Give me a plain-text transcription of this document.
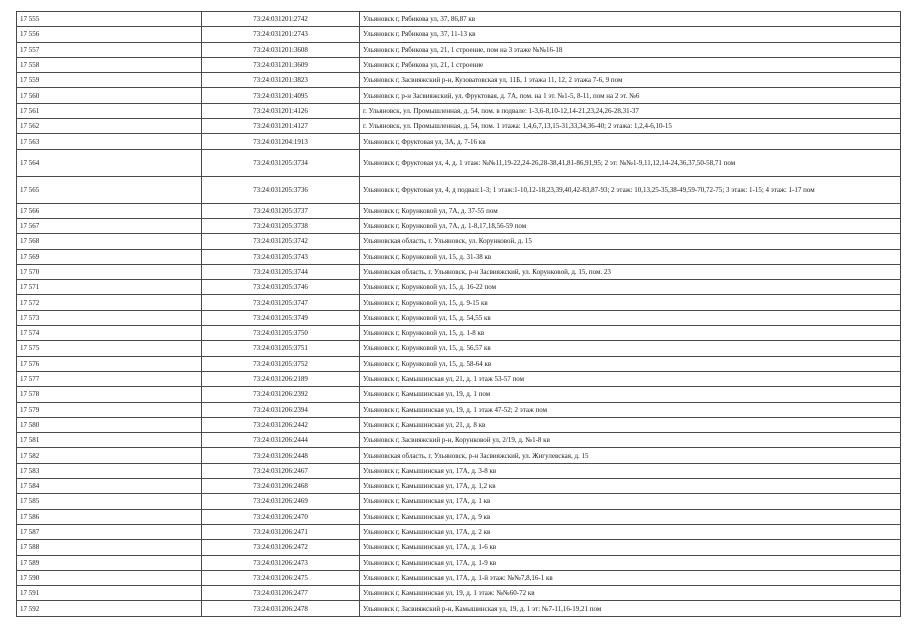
17 555	73:24:031201:2742	Ульяновск г, Рябикова ул, 37, 86,87 кв
17 556	73:24:031201:2743	Ульяновск г, Рябикова ул, 37, 11-13 кв
17 557	73:24:031201:3608	Ульяновск г, Рябикова ул, 21, 1 строение, пом на 3 этаже №№16-18
17 558	73:24:031201:3609	Ульяновск г, Рябикова ул, 21, 1 строение
17 559	73:24:031201:3823	Ульяновск г, Засвияжский р-н, Кузоватовская ул, 11Б, 1 этажа 11, 12, 2 этажа 7-6, 9 пом
17 560	73:24:031201:4095	Ульяновск г, р-н Засвияжский, ул. Фруктовая, д. 7А, пом. на 1 эт. №1-5, 8-11, пом на 2 эт. №6
17 561	73:24:031201:4126	г. Ульяновск, ул. Промышленная, д. 54, пом. в подвале: 1-3,6-8,10-12,14-21,23,24,26-28,31-37
17 562	73:24:031201:4127	г. Ульяновск, ул. Промышленная, д. 54, пом. 1 этажа: 1,4,6,7,13,15-31,33,34,36-40; 2 этажа: 1,2,4-6,10-15
17 563	73:24:031204:1913	Ульяновск г, Фруктовая ул, 3А, д. 7-16 кв
17 564	73:24:031205:3734	Ульяновск г, Фруктовая ул, 4, д. 1 этаж: №№11,19-22,24-26,28-38,41,81-86,91,95; 2 эт: №№1-9,11,12,14-24,36,37,50-58,71 пом
17 565	73:24:031205:3736	Ульяновск г, Фруктовая ул, 4, д подвал:1-3; 1 этаж:1-10,12-18,23,39,40,42-83,87-93; 2 этаж: 10,13,25-35,38-49,59-70,72-75; 3 этаж: 1-15; 4 этаж: 1-17 пом
17 566	73:24:031205:3737	Ульяновск г, Корунковой ул, 7А, д. 37-55 пом
17 567	73:24:031205:3738	Ульяновск г, Корунковой ул, 7А, д. 1-8,17,18,56-59 пом
17 568	73:24:031205:3742	Ульяновская область, г. Ульяновск, ул. Корунковой, д. 15
17 569	73:24:031205:3743	Ульяновск г, Корунковой ул, 15, д. 31-38 кв
17 570	73:24:031205:3744	Ульяновская область, г. Ульяновск, р-н Засвияжский, ул. Корунковой, д. 15, пом. 23
17 571	73:24:031205:3746	Ульяновск г, Корунковой ул, 15, д. 16-22 пом
17 572	73:24:031205:3747	Ульяновск г, Корунковой ул, 15, д. 9-15 кв
17 573	73:24:031205:3749	Ульяновск г, Корунковой ул, 15, д. 54,55 кв
17 574	73:24:031205:3750	Ульяновск г, Корунковой ул, 15, д. 1-8 кв
17 575	73:24:031205:3751	Ульяновск г, Корунковой ул, 15, д. 56,57 кв
17 576	73:24:031205:3752	Ульяновск г, Корунковой ул, 15, д. 58-64 кв
17 577	73:24:031206:2189	Ульяновск г, Камышинская ул, 21, д. 1 этаж 53-57 пом
17 578	73:24:031206:2392	Ульяновск г, Камышинская ул, 19, д. 1 пом
17 579	73:24:031206:2394	Ульяновск г, Камышинская ул, 19, д. 1 этаж 47-52; 2 этаж пом
17 580	73:24:031206:2442	Ульяновск г, Камышинская ул, 21, д. 8 кв
17 581	73:24:031206:2444	Ульяновск г, Засвияжский р-н, Корунковой ул, 2/19, д. №1-8 кв
17 582	73:24:031206:2448	Ульяновская область, г. Ульяновск, р-н Засвияжский, ул. Жигулевская, д. 15
17 583	73:24:031206:2467	Ульяновск г, Камышинская ул, 17А, д. 3-8 кв
17 584	73:24:031206:2468	Ульяновск г, Камышинская ул, 17А, д. 1,2 кв
17 585	73:24:031206:2469	Ульяновск г, Камышинская ул, 17А, д. 1 кв
17 586	73:24:031206:2470	Ульяновск г, Камышинская ул, 17А, д. 9 кв
17 587	73:24:031206:2471	Ульяновск г, Камышинская ул, 17А, д. 2 кв
17 588	73:24:031206:2472	Ульяновск г, Камышинская ул, 17А, д. 1-6 кв
17 589	73:24:031206:2473	Ульяновск г, Камышинская ул, 17А, д. 1-9 кв
17 590	73:24:031206:2475	Ульяновск г, Камышинская ул, 17А, д. 1-й этаж: №№7,8,16-1 кв
17 591	73:24:031206:2477	Ульяновск г, Камышинская ул, 19, д. 1 этаж: №№60-72 кв
17 592	73:24:031206:2478	Ульяновск г, Засвияжский р-н, Камышинская ул, 19, д. 1 эт: №7-11,16-19,21 пом
